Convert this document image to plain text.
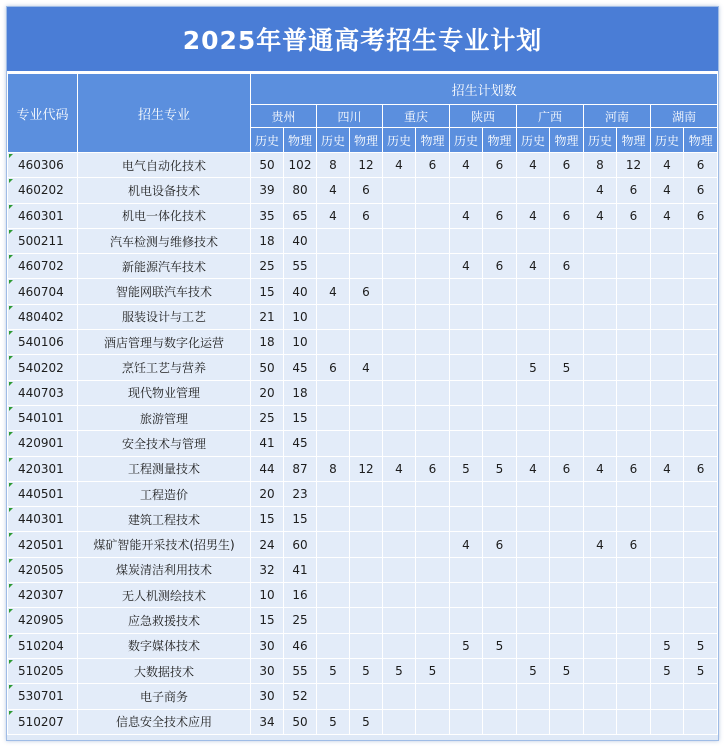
2025年普通高考招生专业计划
专业代码	招生专业	招生计划数													
		贵州		四川		重庆		陕西		广西		河南		湖南	
		历史	物理	历史	物理	历史	物理	历史	物理	历史	物理	历史	物理	历史	物理
460306	电气自动化技术	50	102	8	12	4	6	4	6	4	6	8	12	4	6
460202	机电设备技术	39	80	4	6							4	6	4	6
460301	机电一体化技术	35	65	4	6			4	6	4	6	4	6	4	6
500211	汽车检测与维修技术	18	40												
460702	新能源汽车技术	25	55					4	6	4	6				
460704	智能网联汽车技术	15	40	4	6										
480402	服装设计与工艺	21	10												
540106	酒店管理与数字化运营	18	10												
540202	烹饪工艺与营养	50	45	6	4					5	5				
440703	现代物业管理	20	18												
540101	旅游管理	25	15												
420901	安全技术与管理	41	45												
420301	工程测量技术	44	87	8	12	4	6	5	5	4	6	4	6	4	6
440501	工程造价	20	23												
440301	建筑工程技术	15	15												
420501	煤矿智能开采技术(招男生)	24	60					4	6			4	6		
420505	煤炭清洁利用技术	32	41												
420307	无人机测绘技术	10	16												
420905	应急救援技术	15	25												
510204	数字媒体技术	30	46					5	5					5	5
510205	大数据技术	30	55	5	5	5	5			5	5			5	5
530701	电子商务	30	52												
510207	信息安全技术应用	34	50	5	5										
